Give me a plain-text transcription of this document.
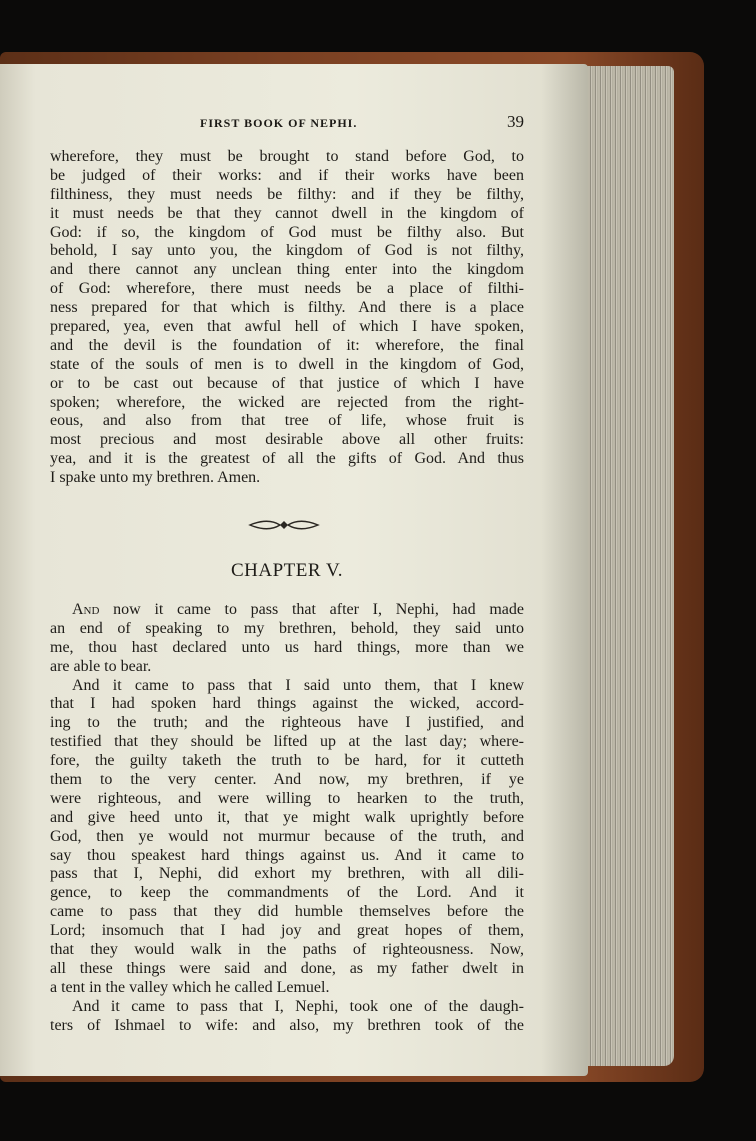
FIRST BOOK OF NEPHI.	39
wherefore, they must be brought to stand before God, to
be judged of their works: and if their works have been
filthiness, they must needs be filthy: and if they be filthy,
it must needs be that they cannot dwell in the kingdom of
God: if so, the kingdom of God must be filthy also. But
behold, I say unto you, the kingdom of God is not filthy,
and there cannot any unclean thing enter into the kingdom
of God: wherefore, there must needs be a place of filthi-
ness prepared for that which is filthy. And there is a place
prepared, yea, even that awful hell of which I have spoken,
and the devil is the foundation of it: wherefore, the final
state of the souls of men is to dwell in the kingdom of God,
or to be cast out because of that justice of which I have
spoken; wherefore, the wicked are rejected from the right-
eous, and also from that tree of life, whose fruit is
most precious and most desirable above all other fruits:
yea, and it is the greatest of all the gifts of God. And thus
I spake unto my brethren. Amen.
CHAPTER V.
And now it came to pass that after I, Nephi, had made
an end of speaking to my brethren, behold, they said unto
me, thou hast declared unto us hard things, more than we
are able to bear.
And it came to pass that I said unto them, that I knew
that I had spoken hard things against the wicked, accord-
ing to the truth; and the righteous have I justified, and
testified that they should be lifted up at the last day; where-
fore, the guilty taketh the truth to be hard, for it cutteth
them to the very center. And now, my brethren, if ye
were righteous, and were willing to hearken to the truth,
and give heed unto it, that ye might walk uprightly before
God, then ye would not murmur because of the truth, and
say thou speakest hard things against us. And it came to
pass that I, Nephi, did exhort my brethren, with all dili-
gence, to keep the commandments of the Lord. And it
came to pass that they did humble themselves before the
Lord; insomuch that I had joy and great hopes of them,
that they would walk in the paths of righteousness. Now,
all these things were said and done, as my father dwelt in
a tent in the valley which he called Lemuel.
And it came to pass that I, Nephi, took one of the daugh-
ters of Ishmael to wife: and also, my brethren took of the
